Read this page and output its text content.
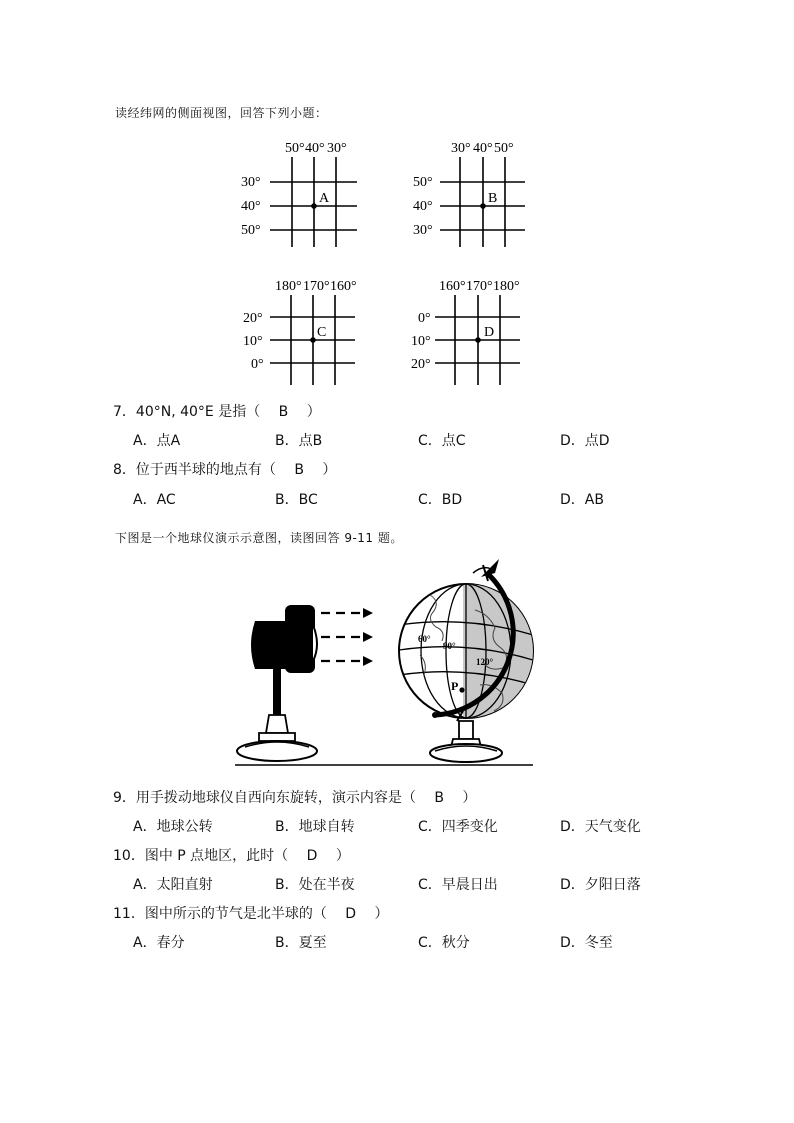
读经纬网的侧面视图，回答下列小题：
50° 40° 30°
30°
40°
50°
A
30° 40° 50°
50°
40°
30°
B
180° 170° 160°
20°
10°
0°
C
160° 170° 180°
0°
10°
20°
D
7．40°N, 40°E 是指（　 B　 ）
A．点A	B．点B	C．点C	D．点D
8．位于西半球的地点有（　 B　 ）
A．AC	B．BC	C．BD	D．AB
下图是一个地球仪演示示意图，读图回答 9-11 题。
60°
90°
120°
P
9．用手拨动地球仪自西向东旋转，演示内容是（　 B　 ）
A．地球公转	B．地球自转	C．四季变化	D．天气变化
10．图中 P 点地区，此时（　 D　 ）
A．太阳直射	B．处在半夜	C．早晨日出	D．夕阳日落
11．图中所示的节气是北半球的（　 D　 ）
A．春分	B．夏至	C．秋分	D．冬至
